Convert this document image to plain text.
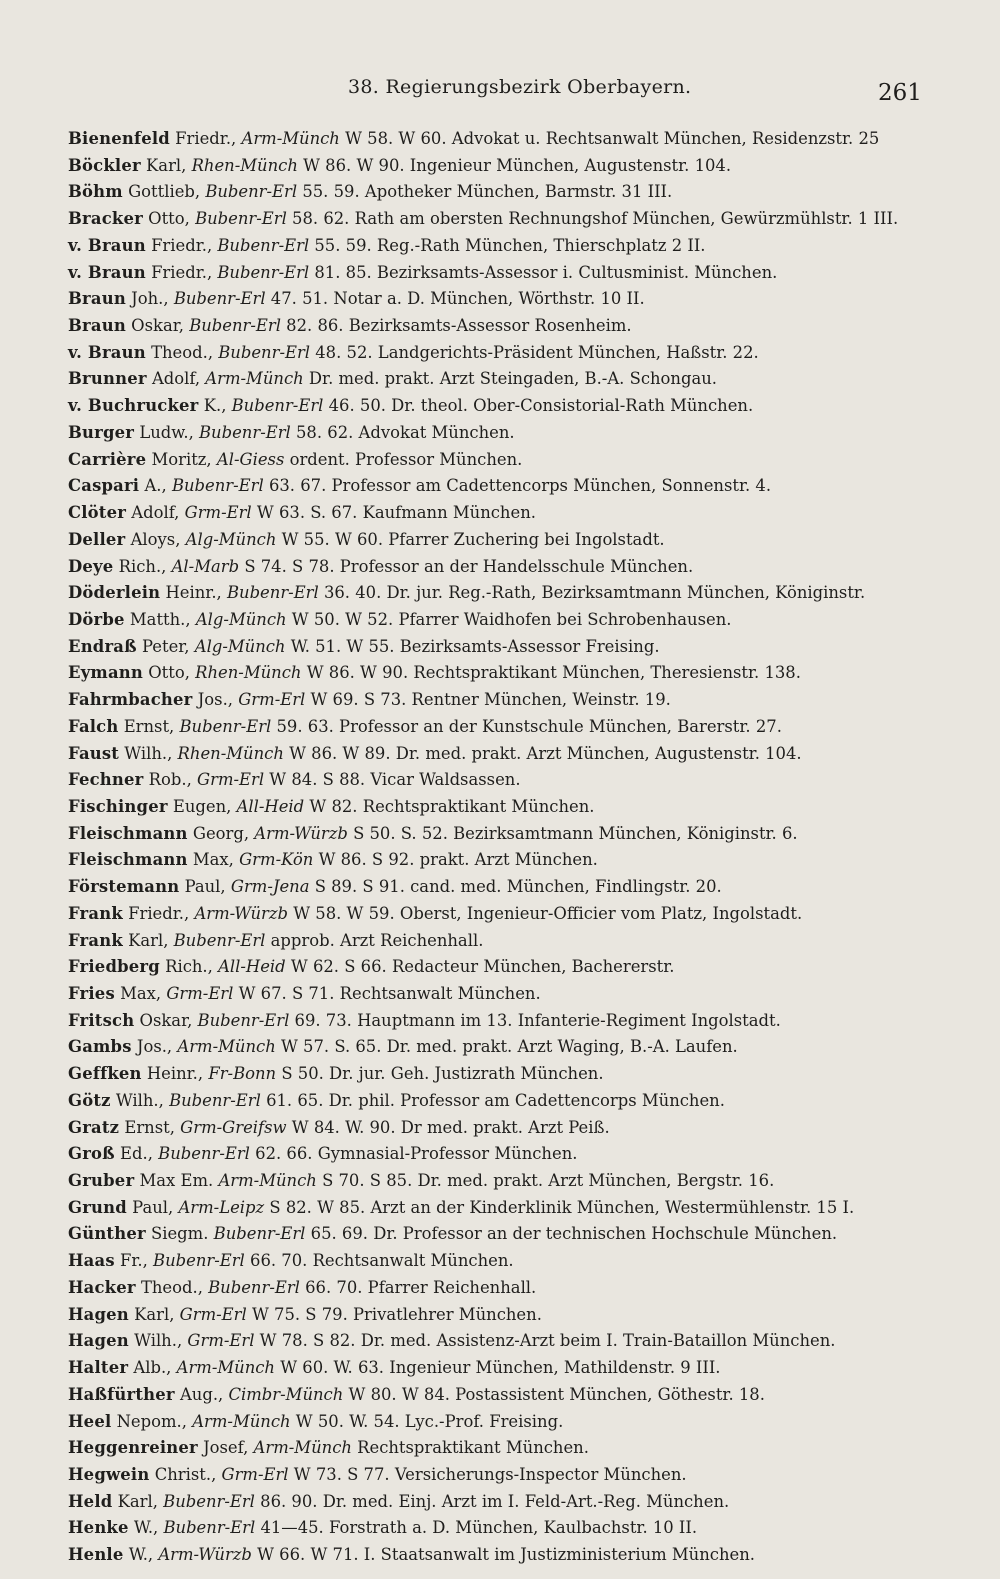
38. Regierungsbezirk Oberbayern.	261
Bienenfeld Friedr., Arm-Münch W 58. W 60. Advokat u. Rechtsanwalt München, Residenzstr. 25
Böckler Karl, Rhen-Münch W 86. W 90. Ingenieur München, Augustenstr. 104.
Böhm Gottlieb, Bubenr-Erl 55. 59. Apotheker München, Barmstr. 31 III.
Bracker Otto, Bubenr-Erl 58. 62. Rath am obersten Rechnungshof München, Gewürzmühlstr. 1 III.
v. Braun Friedr., Bubenr-Erl 55. 59. Reg.-Rath München, Thierschplatz 2 II.
v. Braun Friedr., Bubenr-Erl 81. 85. Bezirksamts-Assessor i. Cultusminist. München.
Braun Joh., Bubenr-Erl 47. 51. Notar a. D. München, Wörthstr. 10 II.
Braun Oskar, Bubenr-Erl 82. 86. Bezirksamts-Assessor Rosenheim.
v. Braun Theod., Bubenr-Erl 48. 52. Landgerichts-Präsident München, Haßstr. 22.
Brunner Adolf, Arm-Münch Dr. med. prakt. Arzt Steingaden, B.-A. Schongau.
v. Buchrucker K., Bubenr-Erl 46. 50. Dr. theol. Ober-Consistorial-Rath München.
Burger Ludw., Bubenr-Erl 58. 62. Advokat München.
Carrière Moritz, Al-Giess ordent. Professor München.
Caspari A., Bubenr-Erl 63. 67. Professor am Cadettencorps München, Sonnenstr. 4.
Clöter Adolf, Grm-Erl W 63. S. 67. Kaufmann München.
Deller Aloys, Alg-Münch W 55. W 60. Pfarrer Zuchering bei Ingolstadt.
Deye Rich., Al-Marb S 74. S 78. Professor an der Handelsschule München.
Döderlein Heinr., Bubenr-Erl 36. 40. Dr. jur. Reg.-Rath, Bezirksamtmann München, Königinstr.
Dörbe Matth., Alg-Münch W 50. W 52. Pfarrer Waidhofen bei Schrobenhausen.
Endraß Peter, Alg-Münch W. 51. W 55. Bezirksamts-Assessor Freising.
Eymann Otto, Rhen-Münch W 86. W 90. Rechtspraktikant München, Theresienstr. 138.
Fahrmbacher Jos., Grm-Erl W 69. S 73. Rentner München, Weinstr. 19.
Falch Ernst, Bubenr-Erl 59. 63. Professor an der Kunstschule München, Barerstr. 27.
Faust Wilh., Rhen-Münch W 86. W 89. Dr. med. prakt. Arzt München, Augustenstr. 104.
Fechner Rob., Grm-Erl W 84. S 88. Vicar Waldsassen.
Fischinger Eugen, All-Heid W 82. Rechtspraktikant München.
Fleischmann Georg, Arm-Würzb S 50. S. 52. Bezirksamtmann München, Königinstr. 6.
Fleischmann Max, Grm-Kön W 86. S 92. prakt. Arzt München.
Förstemann Paul, Grm-Jena S 89. S 91. cand. med. München, Findlingstr. 20.
Frank Friedr., Arm-Würzb W 58. W 59. Oberst, Ingenieur-Officier vom Platz, Ingolstadt.
Frank Karl, Bubenr-Erl approb. Arzt Reichenhall.
Friedberg Rich., All-Heid W 62. S 66. Redacteur München, Bachererstr.
Fries Max, Grm-Erl W 67. S 71. Rechtsanwalt München.
Fritsch Oskar, Bubenr-Erl 69. 73. Hauptmann im 13. Infanterie-Regiment Ingolstadt.
Gambs Jos., Arm-Münch W 57. S. 65. Dr. med. prakt. Arzt Waging, B.-A. Laufen.
Geffken Heinr., Fr-Bonn S 50. Dr. jur. Geh. Justizrath München.
Götz Wilh., Bubenr-Erl 61. 65. Dr. phil. Professor am Cadettencorps München.
Gratz Ernst, Grm-Greifsw W 84. W. 90. Dr med. prakt. Arzt Peiß.
Groß Ed., Bubenr-Erl 62. 66. Gymnasial-Professor München.
Gruber Max Em. Arm-Münch S 70. S 85. Dr. med. prakt. Arzt München, Bergstr. 16.
Grund Paul, Arm-Leipz S 82. W 85. Arzt an der Kinderklinik München, Westermühlenstr. 15 I.
Günther Siegm. Bubenr-Erl 65. 69. Dr. Professor an der technischen Hochschule München.
Haas Fr., Bubenr-Erl 66. 70. Rechtsanwalt München.
Hacker Theod., Bubenr-Erl 66. 70. Pfarrer Reichenhall.
Hagen Karl, Grm-Erl W 75. S 79. Privatlehrer München.
Hagen Wilh., Grm-Erl W 78. S 82. Dr. med. Assistenz-Arzt beim I. Train-Bataillon München.
Halter Alb., Arm-Münch W 60. W. 63. Ingenieur München, Mathildenstr. 9 III.
Haßfürther Aug., Cimbr-Münch W 80. W 84. Postassistent München, Göthestr. 18.
Heel Nepom., Arm-Münch W 50. W. 54. Lyc.-Prof. Freising.
Heggenreiner Josef, Arm-Münch Rechtspraktikant München.
Hegwein Christ., Grm-Erl W 73. S 77. Versicherungs-Inspector München.
Held Karl, Bubenr-Erl 86. 90. Dr. med. Einj. Arzt im I. Feld-Art.-Reg. München.
Henke W., Bubenr-Erl 41—45. Forstrath a. D. München, Kaulbachstr. 10 II.
Henle W., Arm-Würzb W 66. W 71. I. Staatsanwalt im Justizministerium München.
